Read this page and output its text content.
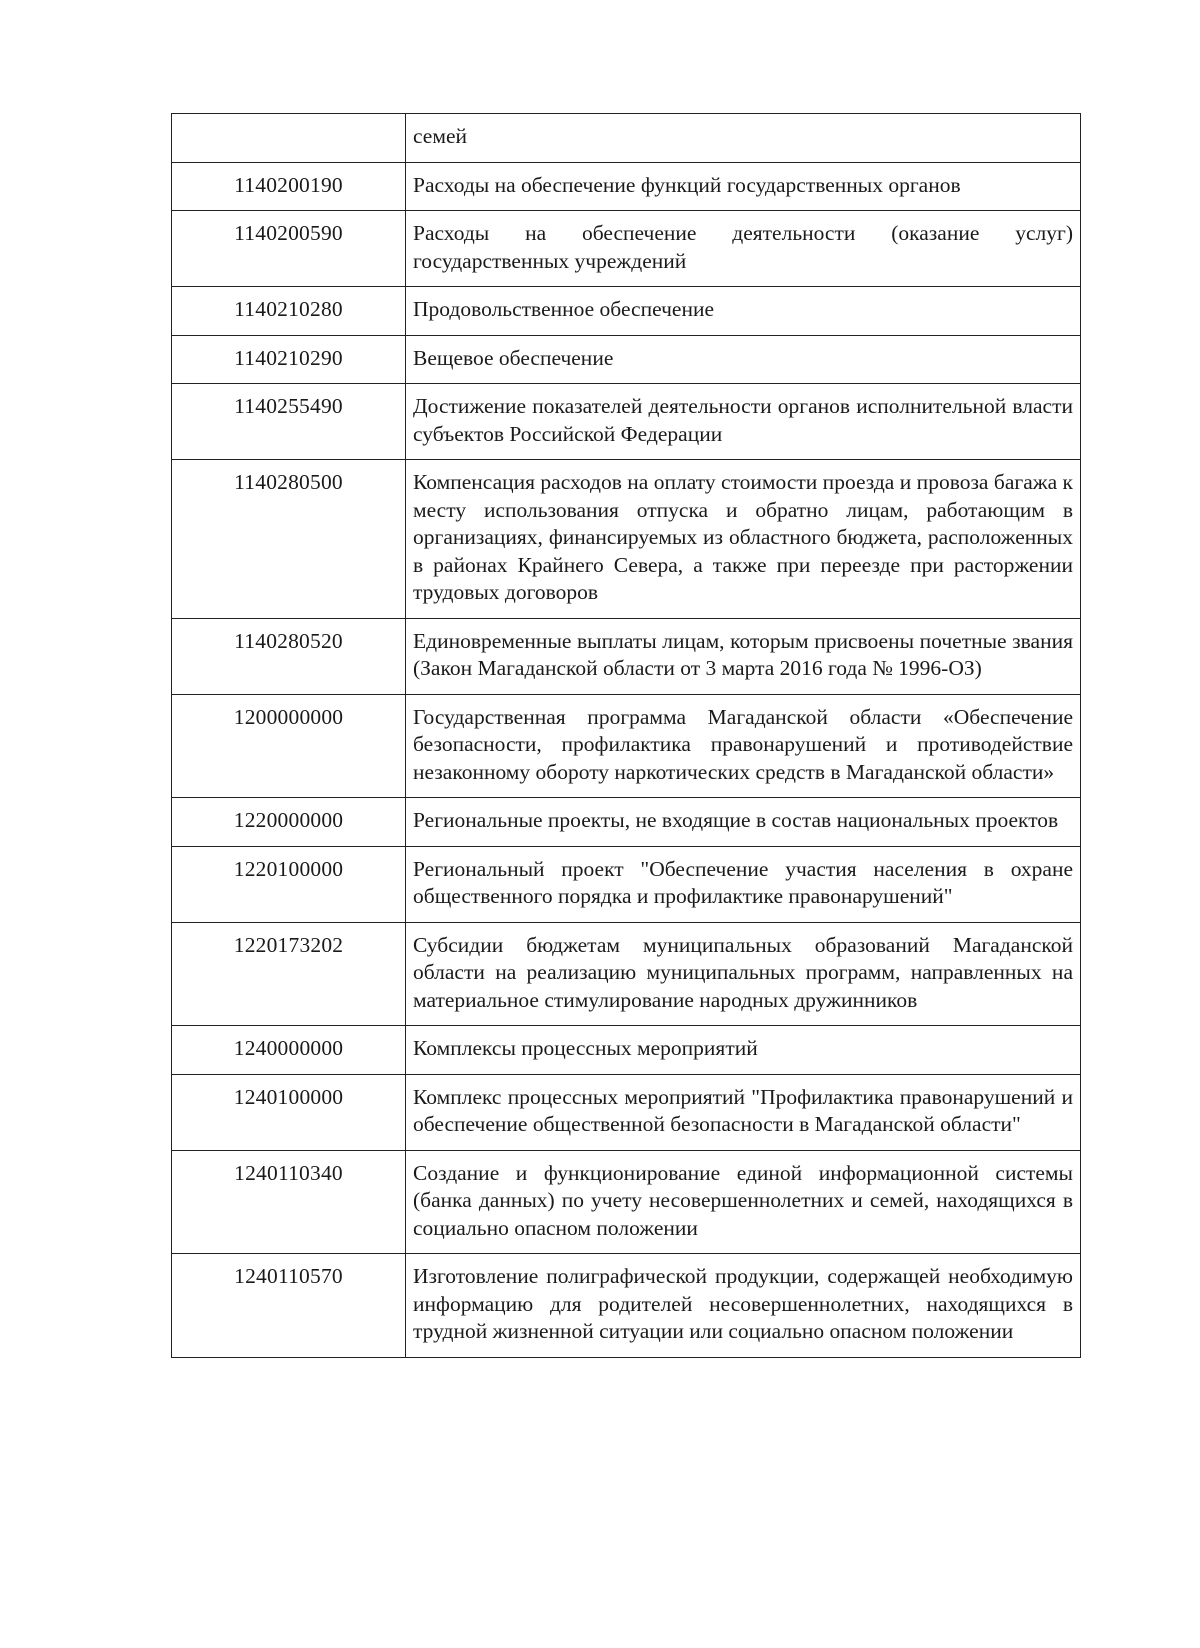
	семей
1140200190	Расходы на обеспечение функций государственных органов
1140200590	Расходы на обеспечение деятельности (оказание услуг) государственных учреждений
1140210280	Продовольственное обеспечение
1140210290	Вещевое обеспечение
1140255490	Достижение показателей деятельности органов исполнительной власти субъектов Российской Федерации
1140280500	Компенсация расходов на оплату стоимости проезда и провоза багажа к месту использования отпуска и обратно лицам, работающим в организациях, финансируемых из областного бюджета, расположенных в районах Крайнего Севера, а также при переезде при расторжении трудовых договоров
1140280520	Единовременные выплаты лицам, которым присвоены почетные звания (Закон Магаданской области от 3 марта 2016 года № 1996-ОЗ)
1200000000	Государственная программа Магаданской области «Обеспечение безопасности, профилактика правонарушений и противодействие незаконному обороту наркотических средств в Магаданской области»
1220000000	Региональные проекты, не входящие в состав национальных проектов
1220100000	Региональный проект "Обеспечение участия населения в охране общественного порядка и профилактике правонарушений"
1220173202	Субсидии бюджетам муниципальных образований Магаданской области на реализацию муниципальных программ, направленных на материальное стимулирование народных дружинников
1240000000	Комплексы процессных мероприятий
1240100000	Комплекс процессных мероприятий "Профилактика правонарушений и обеспечение общественной безопасности в Магаданской области"
1240110340	Создание и функционирование единой информационной системы (банка данных) по учету несовершеннолетних и семей, находящихся в социально опасном положении
1240110570	Изготовление полиграфической продукции, содержащей необходимую информацию для родителей несовершеннолетних, находящихся в трудной жизненной ситуации или социально опасном положении
